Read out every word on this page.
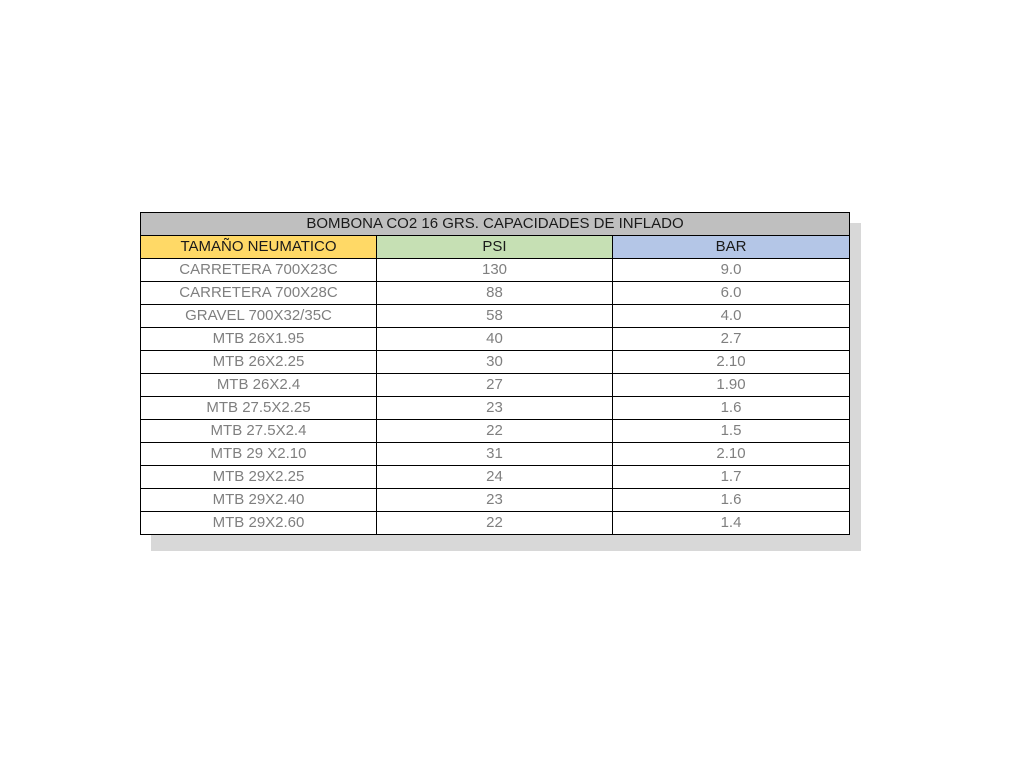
BOMBONA CO2 16 GRS. CAPACIDADES DE INFLADO		
TAMAÑO NEUMATICO	PSI	BAR
CARRETERA 700X23C	130	9.0
CARRETERA 700X28C	88	6.0
GRAVEL 700X32/35C	58	4.0
MTB 26X1.95	40	2.7
MTB 26X2.25	30	2.10
MTB 26X2.4	27	1.90
MTB 27.5X2.25	23	1.6
MTB 27.5X2.4	22	1.5
MTB 29 X2.10	31	2.10
MTB 29X2.25	24	1.7
MTB 29X2.40	23	1.6
MTB 29X2.60	22	1.4
